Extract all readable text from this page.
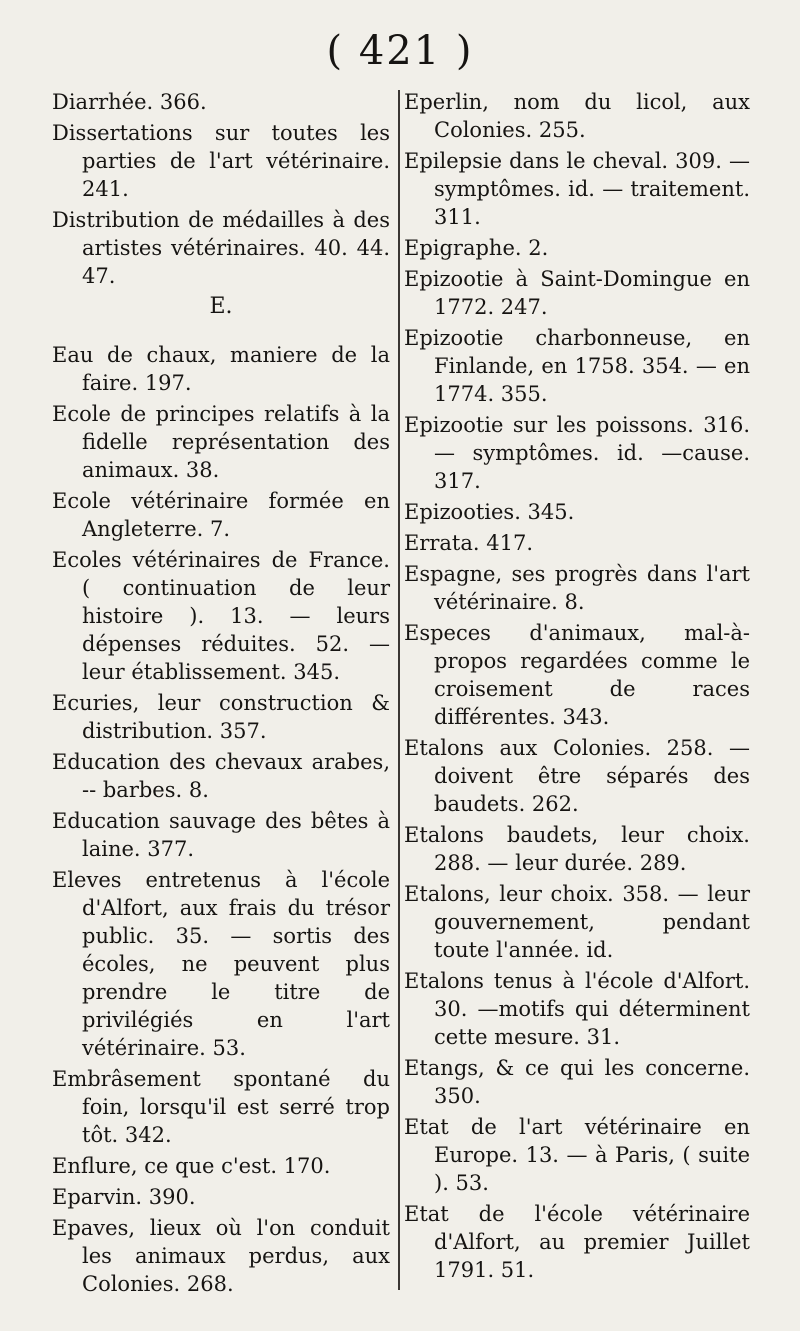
( 421 )

Diarrhée. 366.

Dissertations sur toutes les parties de l'art vétérinaire. 241.

Distribution de médailles à des artistes vétérinaires. 40. 44. 47.

E.

Eau de chaux, maniere de la faire. 197.

Ecole de principes relatifs à la fidelle représentation des animaux. 38.

Ecole vétérinaire formée en Angleterre. 7.

Ecoles vétérinaires de France. ( continuation de leur histoire ). 13. — leurs dépenses réduites. 52. —leur établissement. 345.

Ecuries, leur construction & distribution. 357.

Education des chevaux arabes, -- barbes. 8.

Education sauvage des bêtes à laine. 377.

Eleves entretenus à l'école d'Alfort, aux frais du trésor public. 35. — sortis des écoles, ne peuvent plus prendre le titre de privilégiés en l'art vétérinaire. 53.

Embrâsement spontané du foin, lorsqu'il est serré trop tôt. 342.

Enflure, ce que c'est. 170.

Eparvin. 390.

Epaves, lieux où l'on conduit les animaux perdus, aux Colonies. 268.

Eperlin, nom du licol, aux Colonies. 255.

Epilepsie dans le cheval. 309. — symptômes. id. — traitement. 311.

Epigraphe. 2.

Epizootie à Saint-Domingue en 1772. 247.

Epizootie charbonneuse, en Finlande, en 1758. 354. — en 1774. 355.

Epizootie sur les poissons. 316. — symptômes. id. —cause. 317.

Epizooties. 345.

Errata. 417.

Espagne, ses progrès dans l'art vétérinaire. 8.

Especes d'animaux, mal-à-propos regardées comme le croisement de races différentes. 343.

Etalons aux Colonies. 258. — doivent être séparés des baudets. 262.

Etalons baudets, leur choix. 288. — leur durée. 289.

Etalons, leur choix. 358. — leur gouvernement, pendant toute l'année. id.

Etalons tenus à l'école d'Alfort. 30. —motifs qui déterminent cette mesure. 31.

Etangs, & ce qui les concerne. 350.

Etat de l'art vétérinaire en Europe. 13. — à Paris, ( suite ). 53.

Etat de l'école vétérinaire d'Alfort, au premier Juillet 1791. 51.
